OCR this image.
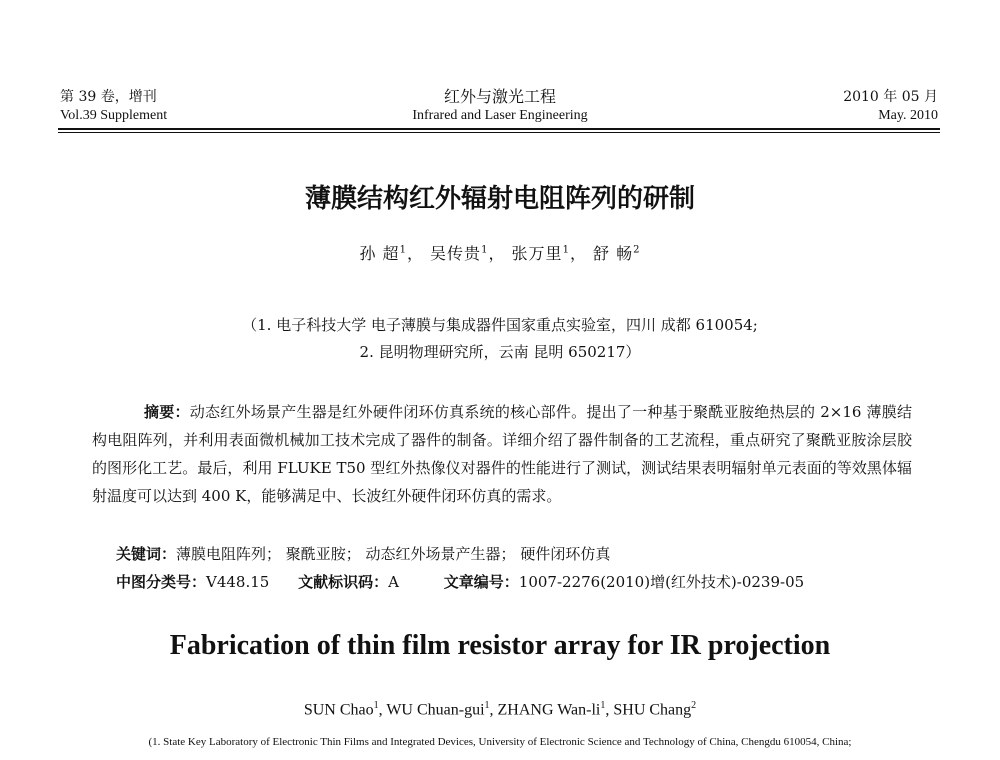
第 39 卷，增刊	红外与激光工程	2010 年 05 月
Vol.39 Supplement	Infrared and Laser Engineering	May. 2010
薄膜结构红外辐射电阻阵列的研制
孙 超$^1$， 吴传贵$^1$， 张万里$^1$， 舒 畅$^2$
（1. 电子科技大学 电子薄膜与集成器件国家重点实验室，四川 成都 610054;
2. 昆明物理研究所，云南 昆明 650217）

摘要：动态红外场景产生器是红外硬件闭环仿真系统的核心部件。提出了一种基于聚酰亚胺绝热层的 2×16 薄膜结构电阻阵列，并利用表面微机械加工技术完成了器件的制备。详细介绍了器件制备的工艺流程，重点研究了聚酰亚胺涂层胶的图形化工艺。最后，利用 FLUKE T50 型红外热像仪对器件的性能进行了测试，测试结果表明辐射单元表面的等效黑体辐射温度可以达到 400 K，能够满足中、长波红外硬件闭环仿真的需求。

关键词：薄膜电阻阵列； 聚酰亚胺； 动态红外场景产生器； 硬件闭环仿真
中图分类号：V448.15 文献标识码：A	文章编号：1007-2276(2010)增(红外技术)-0239-05
Fabrication of thin film resistor array for IR projection
SUN Chao$^1$, WU Chuan-gui$^1$, ZHANG Wan-$li^1$, SHU Chang$^2$
(1. State Key Laboratory of Electronic Thin Films and Integrated Devices, University of Electronic Science and Technology of China, Chengdu 610054, China;
